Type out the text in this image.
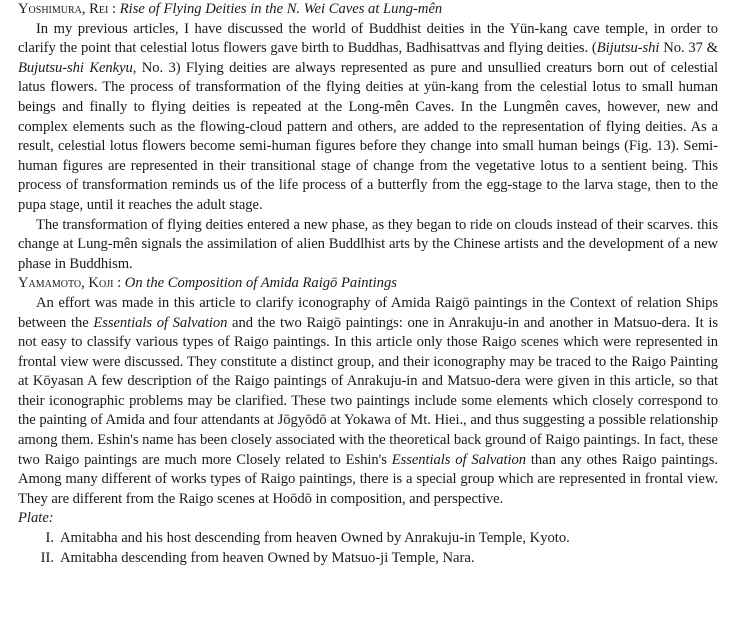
Yoshimura, Rei : Rise of Flying Deities in the N. Wei Caves at Lung-mên

In my previous articles, I have discussed the world of Buddhist deities in the Yün-kang cave temple, in order to clarify the point that celestial lotus flowers gave birth to Buddhas, Badhisattvas and flying deities. (Bijutsu-shi No. 37 & Bujutsu-shi Kenkyu, No. 3) Flying deities are always represented as pure and unsullied creaturs born out of celestial latus flowers. The process of transformation of the flying deities at yün-kang from the celestial lotus to small human beings and finally to flying deities is repeated at the Long-mên Caves. In the Lungmên caves, however, new and complex elements such as the flowing-cloud pattern and others, are added to the representation of flying deities. As a result, celestial lotus flowers become semi-human figures before they change into small human beings (Fig. 13). Semi-human figures are represented in their transitional stage of change from the vegetative lotus to a sentient being. This process of transformation reminds us of the life process of a butterfly from the egg-stage to the larva stage, then to the pupa stage, until it reaches the adult stage.

The transformation of flying deities entered a new phase, as they began to ride on clouds instead of their scarves. this change at Lung-mên signals the assimilation of alien Buddlhist arts by the Chinese artists and the development of a new phase in Buddhism.

Yamamoto, Koji : On the Composition of Amida Raigō Paintings

An effort was made in this article to clarify iconography of Amida Raigō paintings in the Context of relation Ships between the Essentials of Salvation and the two Raigō paintings: one in Anrakuju-in and another in Matsuo-dera. It is not easy to classify various types of Raigo paintings. In this article only those Raigo scenes which were represented in frontal view were discussed. They constitute a distinct group, and their iconography may be traced to the Raigo Painting at Kōyasan A few description of the Raigo paintings of Anrakuju-in and Matsuo-dera were given in this article, so that their iconographic problems may be clarified. These two paintings include some elements which closely correspond to the painting of Amida and four attendants at Jōgyōdō at Yokawa of Mt. Hiei., and thus suggesting a possible relationship among them. Eshin's name has been closely associated with the theoretical back ground of Raigo paintings. In fact, these two Raigo paintings are much more Closely related to Eshin's Essentials of Salvation than any othes Raigo paintings. Among many different of works types of Raigo paintings, there is a special group which are represented in frontal view. They are different from the Raigo scenes at Hoōdō in composition, and perspective.

Plate:
I. Amitabha and his host descending from heaven Owned by Anrakuju-in Temple, Kyoto.
II. Amitabha descending from heaven Owned by Matsuo-ji Temple, Nara.
